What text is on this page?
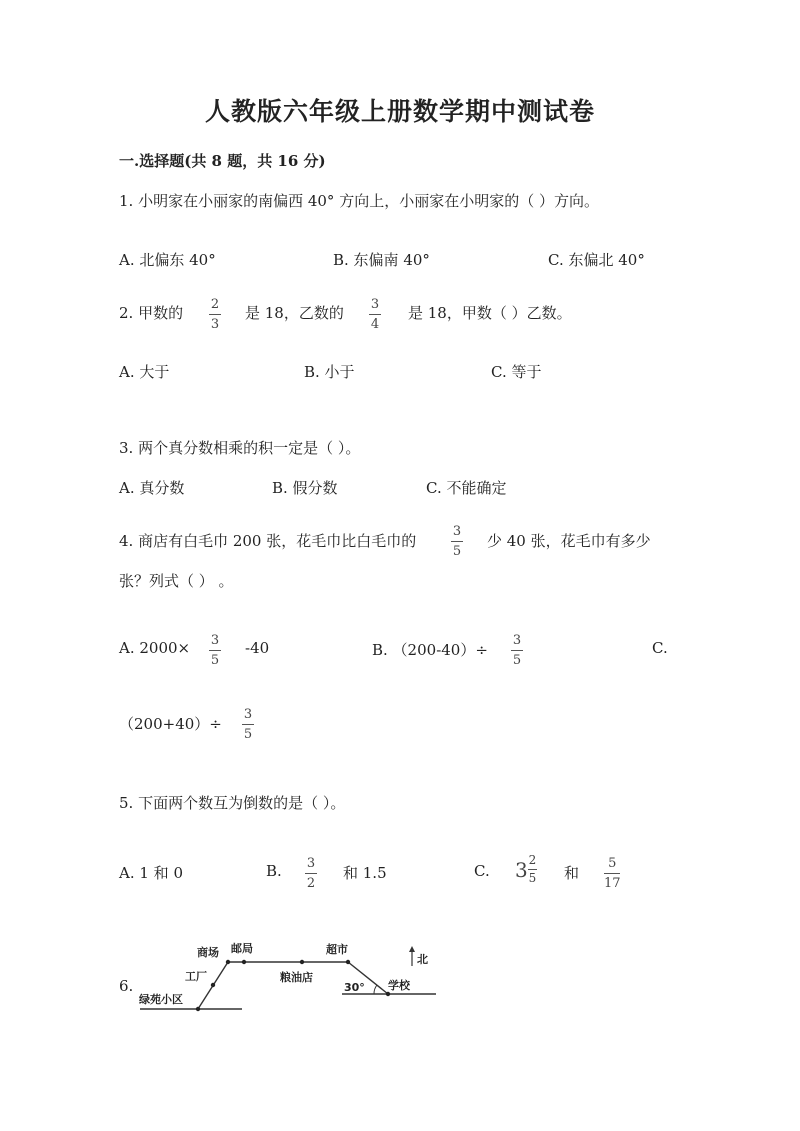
人教版六年级上册数学期中测试卷
一.选择题(共 8 题，共 16 分)
1. 小明家在小丽家的南偏西 40° 方向上，小丽家在小明家的（ ）方向。
A. 北偏东 40°	B. 东偏南 40°	C. 东偏北 40°
2. 甲数的 2
3
是 18，乙数的 3
4
是 18，甲数（ ）乙数。
A. 大于	B. 小于	C. 等于
3. 两个真分数相乘的积一定是（ ）。
A. 真分数	B. 假分数	C. 不能确定
4. 商店有白毛巾 200 张，花毛巾比白毛巾的
3
5
少 40 张，花毛巾有多少
张？列式（ ） 。
A. 2000× 3
5
-40	B. （200-40）÷
3
5
C.
（200+40）÷
3
5
5. 下面两个数互为倒数的是（ ）。
A. 1 和 0	B. 3
2
和 1.5	C. 3 2
5 和
5
17
6.
商场 邮局	超市
工厂	粮油店
绿苑小区
学校
北
30°
